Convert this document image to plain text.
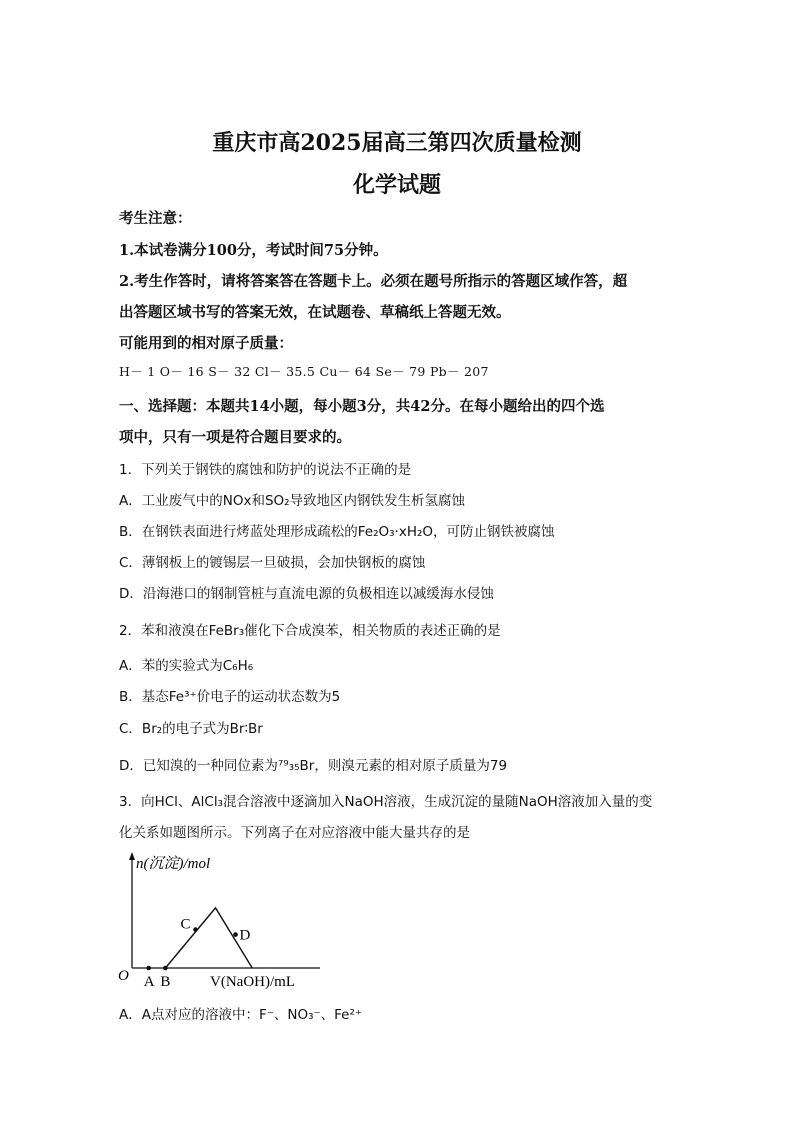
重庆市高2025届高三第四次质量检测
化学试题

考生注意：

1.本试卷满分100分，考试时间75分钟。

2.考生作答时，请将答案答在答题卡上。必须在题号所指示的答题区域作答，超

出答题区域书写的答案无效，在试题卷、草稿纸上答题无效。

可能用到的相对原子质量：

H－ 1 O－ 16 S－ 32 Cl－ 35.5 Cu－ 64 Se－ 79 Pb－ 207

一、选择题：本题共14小题，每小题3分，共42分。在每小题给出的四个选

项中，只有一项是符合题目要求的。

1．下列关于钢铁的腐蚀和防护的说法不正确的是

A．工业废气中的NOx和SO₂导致地区内钢铁发生析氢腐蚀

B．在钢铁表面进行烤蓝处理形成疏松的Fe₂O₃·xH₂O，可防止钢铁被腐蚀

C．薄钢板上的镀锡层一旦破损，会加快钢板的腐蚀

D．沿海港口的钢制管桩与直流电源的负极相连以减缓海水侵蚀

2．苯和液溴在FeBr₃催化下合成溴苯，相关物质的表述正确的是

A．苯的实验式为C₆H₆

B．基态Fe³⁺价电子的运动状态数为5

C．Br₂的电子式为Br∶Br

D．已知溴的一种同位素为⁷⁹₃₅Br，则溴元素的相对原子质量为79

3．向HCl、AlCl₃混合溶液中逐滴加入NaOH溶液，生成沉淀的量随NaOH溶液加入量的变

化关系如题图所示。下列离子在对应溶液中能大量共存的是

n(沉淀)/mol
V(NaOH)/mL
O A B
C
D

A．A点对应的溶液中：F⁻、NO₃⁻、Fe²⁺
